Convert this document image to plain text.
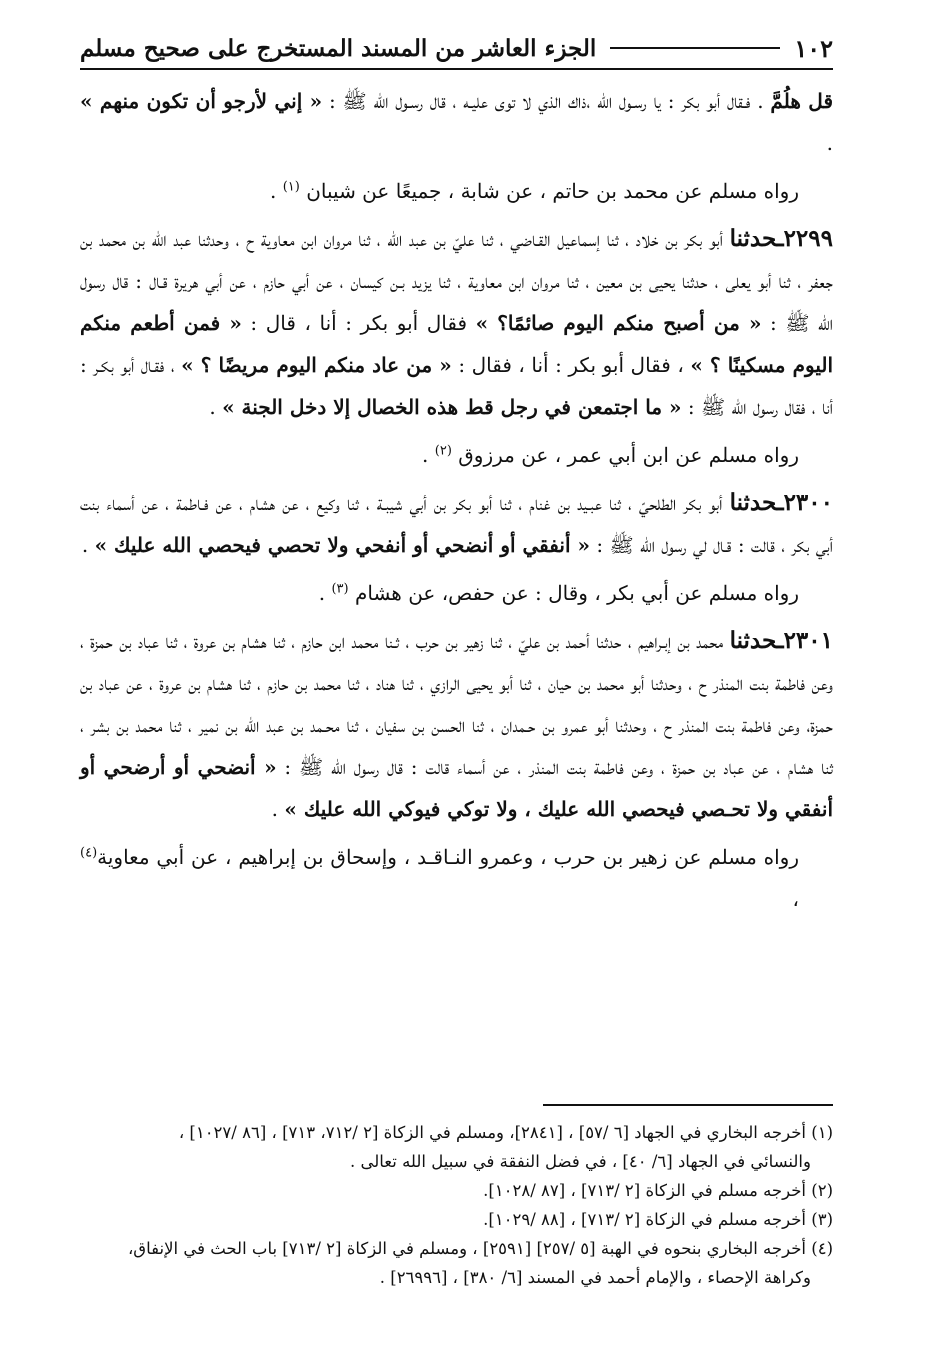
١٠٢
الجزء العاشر من المسند المستخرج على صحيح مسلم

قل هلُمَّ . فـقال أبو بكر : يا رسـول الله ،ذاك الذي لا توى عليـه ، قال رسـول الله ﷺ : « إني لأرجو أن تكون منهم » .

رواه مسلم عن محمد بن حاتم ، عن شابة ، جميعًا عن شيبان $^{(١)}$ .

٢٢٩٩ـحدثنا أبو بكر بن خلاد ، ثنا إسماعيل القـاضي ، ثنا عليّ بن عبد الله ، ثنا مروان ابن معاوية ح ، وحدثنا عبد الله بن محمد بن جعفر ، ثنا أبو يعلى ، حدثنا يحيى بن معين ، ثنا مروان ابن معاوية ، ثنا يزيد بـن كيسان ، عن أبي حازم ، عن أبي هريرة قـال : قال رسول الله ﷺ : « من أصبح منكم اليوم صائمًا؟ » فقال أبو بكر : أنا ، قال : « فمن أطعم منكم اليوم مسكينًا ؟ » ، فقال أبو بكر : أنا ، فقال : « من عاد منكم اليوم مريضًا ؟ » ، فقـال أبو بكـر : أنا ، فقال رسول الله ﷺ : « ما اجتمعن في رجل قط هذه الخصال إلا دخل الجنة » .

رواه مسلم عن ابن أبي عمر ، عن مرزوق $^{(٢)}$ .

٢٣٠٠ـحدثنا أبو بكر الطلحيّ ، ثنا عبـيد بن غنام ، ثنا أبو بكر بن أبي شيبـة ، ثنا وكيع ، عن هشام ، عن فـاطمة ، عن أسماء بنت أبي بكر ، قالت : قـال لي رسول الله ﷺ : « أنفقي أو أنضحي أو أنفحي ولا تحصي فيحصي الله عليك » .

رواه مسلم عن أبي بكر ، وقال : عن حفص، عن هشام $^{(٣)}$ .

٢٣٠١ـحدثنا محمد بن إبـراهيم ، حدثنا أحمد بن عليّ ، ثنا زهير بن حرب ، ثـنا محمد ابن حازم ، ثنا هشام بن عروة ، ثنا عباد بن حمزة ، وعن فاطمة بنت المنذر ح ، وحدثنا أبو محمد بن حيان ، ثنا أبو يحيى الرازي ، ثنا هناد ، ثنا محمد بن حازم ، ثنا هشام بن عروة ، عن عباد بن حمزة، وعن فاطمة بنت المنذر ح ، وحدثنا أبو عمرو بن حـمدان ، ثنا الحسن بن سفيان ، ثنا محـمد بن عبد الله بن نمير ، ثنا محمد بن بشر ، ثنا هشام ، عن عباد بن حمزة ، وعن فاطمة بنت المنذر ، عن أسماء قالت : قال رسول الله ﷺ : « أنضحي أو أرضحي أو أنفقي ولا تحـصي فيحصي الله عليك ، ولا توكي فيوكي الله عليك » .

رواه مسلم عن زهير بن حرب ، وعمرو النـاقـد ، وإسحاق بن إبراهيم ، عن أبي معاوية$^{(٤)}$ ،

(١) أخرجه البخاري في الجهاد [٦ /٥٧] ، [٢٨٤١]، ومسلم في الزكاة [٢ /٧١٢، ٧١٣] ، [٨٦ /١٠٢٧] ،

والنسائي في الجهاد [٦/ ٤٠] ، في فضل النفقة في سبيل الله تعالى .

(٢) أخرجه مسلم في الزكاة [٢ /٧١٣] ، [٨٧ /١٠٢٨].

(٣) أخرجه مسلم في الزكاة [٢ /٧١٣] ، [٨٨ /١٠٢٩].

(٤) أخرجه البخاري بنحوه في الهبة [٥ /٢٥٧] [٢٥٩١] ، ومسلم في الزكاة [٢ /٧١٣] باب الحث في الإنفاق،

وكراهة الإحصاء ، والإمام أحمد في المسند [٦/ ٣٨٠] ، [٢٦٩٩٦] .
